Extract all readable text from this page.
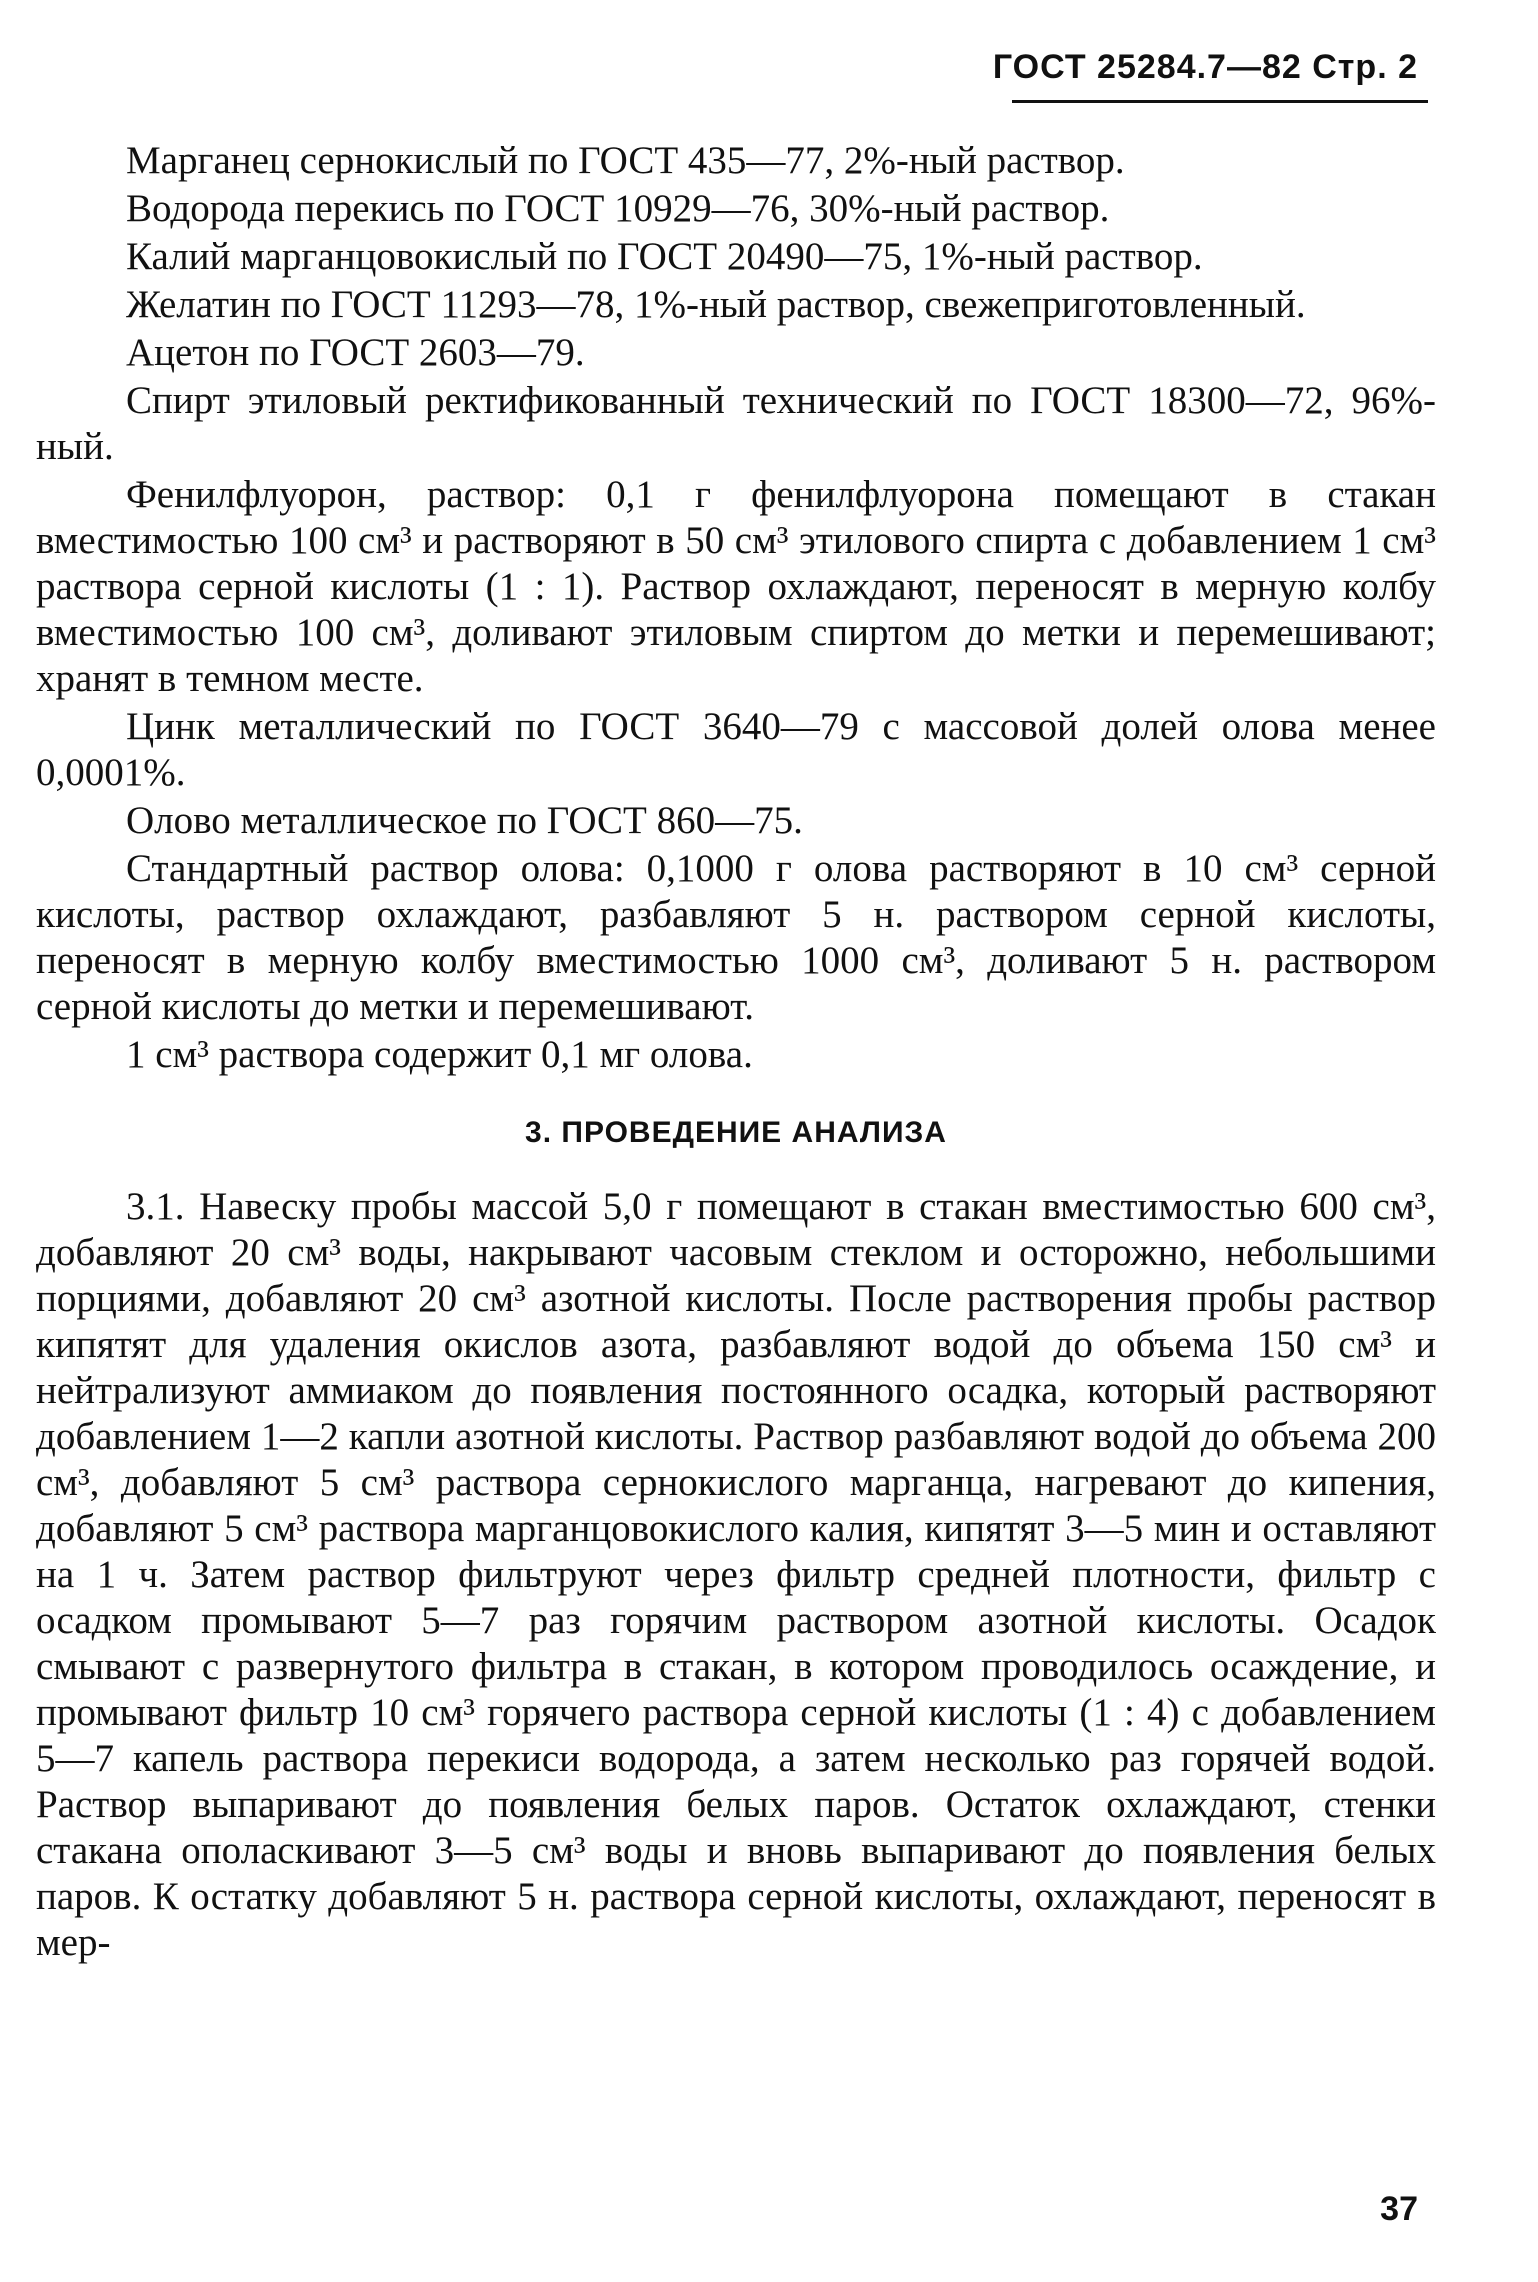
ГОСТ 25284.7—82 Стр. 2

Марганец сернокислый по ГОСТ 435—77, 2%-ный раствор.

Водорода перекись по ГОСТ 10929—76, 30%-ный раствор.

Калий марганцовокислый по ГОСТ 20490—75, 1%-ный раствор.

Желатин по ГОСТ 11293—78, 1%-ный раствор, свежеприготовленный.

Ацетон по ГОСТ 2603—79.

Спирт этиловый ректификованный технический по ГОСТ 18300—72, 96%-ный.

Фенилфлуорон, раствор: 0,1 г фенилфлуорона помещают в стакан вместимостью 100 см³ и растворяют в 50 см³ этилового спирта с добавлением 1 см³ раствора серной кислоты (1 : 1). Раствор охлаждают, переносят в мерную колбу вместимостью 100 см³, доливают этиловым спиртом до метки и перемешивают; хранят в темном месте.

Цинк металлический по ГОСТ 3640—79 с массовой долей олова менее 0,0001%.

Олово металлическое по ГОСТ 860—75.

Стандартный раствор олова: 0,1000 г олова растворяют в 10 см³ серной кислоты, раствор охлаждают, разбавляют 5 н. раствором серной кислоты, переносят в мерную колбу вместимостью 1000 см³, доливают 5 н. раствором серной кислоты до метки и перемешивают.

1 см³ раствора содержит 0,1 мг олова.

3. ПРОВЕДЕНИЕ АНАЛИЗА

3.1. Навеску пробы массой 5,0 г помещают в стакан вместимостью 600 см³, добавляют 20 см³ воды, накрывают часовым стеклом и осторожно, небольшими порциями, добавляют 20 см³ азотной кислоты. После растворения пробы раствор кипятят для удаления окислов азота, разбавляют водой до объема 150 см³ и нейтрализуют аммиаком до появления постоянного осадка, который растворяют добавлением 1—2 капли азотной кислоты. Раствор разбавляют водой до объема 200 см³, добавляют 5 см³ раствора сернокислого марганца, нагревают до кипения, добавляют 5 см³ раствора марганцовокислого калия, кипятят 3—5 мин и оставляют на 1 ч. Затем раствор фильтруют через фильтр средней плотности, фильтр с осадком промывают 5—7 раз горячим раствором азотной кислоты. Осадок смывают с развернутого фильтра в стакан, в котором проводилось осаждение, и промывают фильтр 10 см³ горячего раствора серной кислоты (1 : 4) с добавлением 5—7 капель раствора перекиси водорода, а затем несколько раз горячей водой. Раствор выпаривают до появления белых паров. Остаток охлаждают, стенки стакана ополаскивают 3—5 см³ воды и вновь выпаривают до появления белых паров. К остатку добавляют 5 н. раствора серной кислоты, охлаждают, переносят в мер-

37
